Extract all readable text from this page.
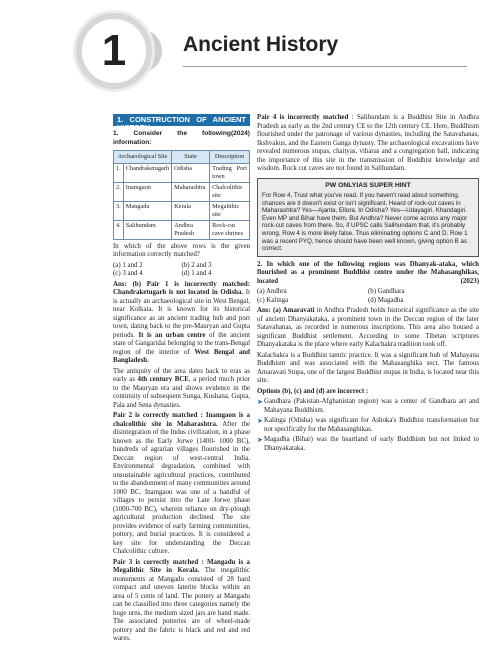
1	Ancient History
1. CONSTRUCTION OF ANCIENT HISTORY
1. Consider the following information:
(2024)
Archaeological Site		State	Description
1.	Chandraketugarh	Odisha	Trading Port town
2.	Inamgaon	Maharashtra	Chalcolithic site
3.	Mangadu	Kerala	Megalithic site
4.	Salihundam	Andhra Pradesh	Rock-cut cave shrines

In which of the above rows is the given information correctly matched?

(a) 1 and 2	(b) 2 and 3
(c) 3 and 4	(d) 1 and 4

Ans: (b) Pair 1 is incorrectly matched: Chandraketugarh is not located in Odisha. It is actually an archaeological site in West Bengal, near Kolkata. It is known for its historical significance as an ancient trading hub and port town, dating back to the pre-Mauryan and Gupta periods. It is an urban centre of the ancient state of Gangaridai belonging to the trans-Bengal region of the interior of West Bengal and Bangladesh.

The antiquity of the area dates back to eras as early as 4th century BCE, a period much prior to the Mauryan era and shows evidence in the continuity of subsequent Sunga, Kushana, Gupta, Pala and Sena dynasties.

Pair 2 is correctly matched : Inamgaon is a chalcolithic site in Maharashtra. After the disintegration of the Indus civilization, in a phase known as the Early Jorwe (1400- 1000 BC), hundreds of agrarian villages flourished in the Deccan region of west-central India. Environmental degradation, combined with unsustainable agricultural practices, contributed to the abandonment of many communities around 1000 BC. Inamgaon was one of a handful of villages to persist into the Late Jorwe phase (1000-700 BC), wherein reliance on dry-plough agricultural production declined. The site provides evidence of early farming communities, pottery, and burial practices. It is considered a key site for understanding the Deccan Chalcolithic culture.

Pair 3 is correctly matched : Mangadu is a Megalithic Site in Kerala. The megalithic monuments at Mangadu consisted of 28 hard compact and uneven laterite blocks within an area of 5 cents of land. The pottery at Mangadu can be classified into three categories namely the huge urns, the medium sized jars are hand made. The associated potteries are of wheel-made pottery and the fabric is black and red and red wares.

Pair 4 is incorrectly matched : Salihundam is a Buddhist Site in Andhra Pradesh as early as the 2nd century CE to the 12th century CE. Here, Buddhism flourished under the patronage of various dynasties, including the Satavahanas, Ikshvakus, and the Eastern Ganga dynasty. The archaeological excavations have revealed numerous stupas, chaityas, viharas and a congregation hall, indicating the importance of this site in the transmission of Buddhist knowledge and wisdom. Rock cut caves are not found in Salihundam.

PW ONLYIAS SUPER HINT
For Row 4, Trust what you've read. If you haven't read about something, chances are it doesn't exist or isn't significant. Heard of rock-cut caves in Maharashtra? Yes—Ajanta, Ellora. In Odisha? Yes—Udayagiri, Khandagiri. Even MP and Bihar have them. But Andhra? Never come across any major rock-cut caves from there. So, if UPSC calls Salihundam that, it's probably wrong. Row 4 is more likely false. Thus eliminating options C and D. Row 1 was a recent PYQ, hence should have been well known, giving option B as correct.

2. In which one of the following regions was Dhanyak-ataka, which flourished as a prominent Buddhist centre under the Mahasanghikas, located	(2023)

(a) Andhra	(b) Gandhara
(c) Kalinga	(d) Magadha

Ans: (a) Amaravati in Andhra Pradesh holds historical significance as the site of ancient Dhanyakataka, a prominent town in the Deccan region of the later Satavahanas, as recorded in numerous inscriptions. This area also housed a significant Buddhist settlement. According to some Tibetan scriptures Dhanyakataka is the place where early Kalachakra tradition took off.

Kalachakra is a Buddhist tantric practice. It was a significant hub of Mahayana Buddhism and was associated with the Mahasanghika sect. The famous Amaravati Stupa, one of the largest Buddhist stupas in India, is located near this site.

Options (b), (c) and (d) are incorrect :

➤ Gandhara (Pakistan-Afghanistan region) was a center of Gandhara art and Mahayana Buddhism.
➤ Kalinga (Odisha) was significant for Ashoka's Buddhist transformation but not specifically for the Mahasanghikas.
➤ Magadha (Bihar) was the heartland of early Buddhism but not linked to Dhanyakataka.
